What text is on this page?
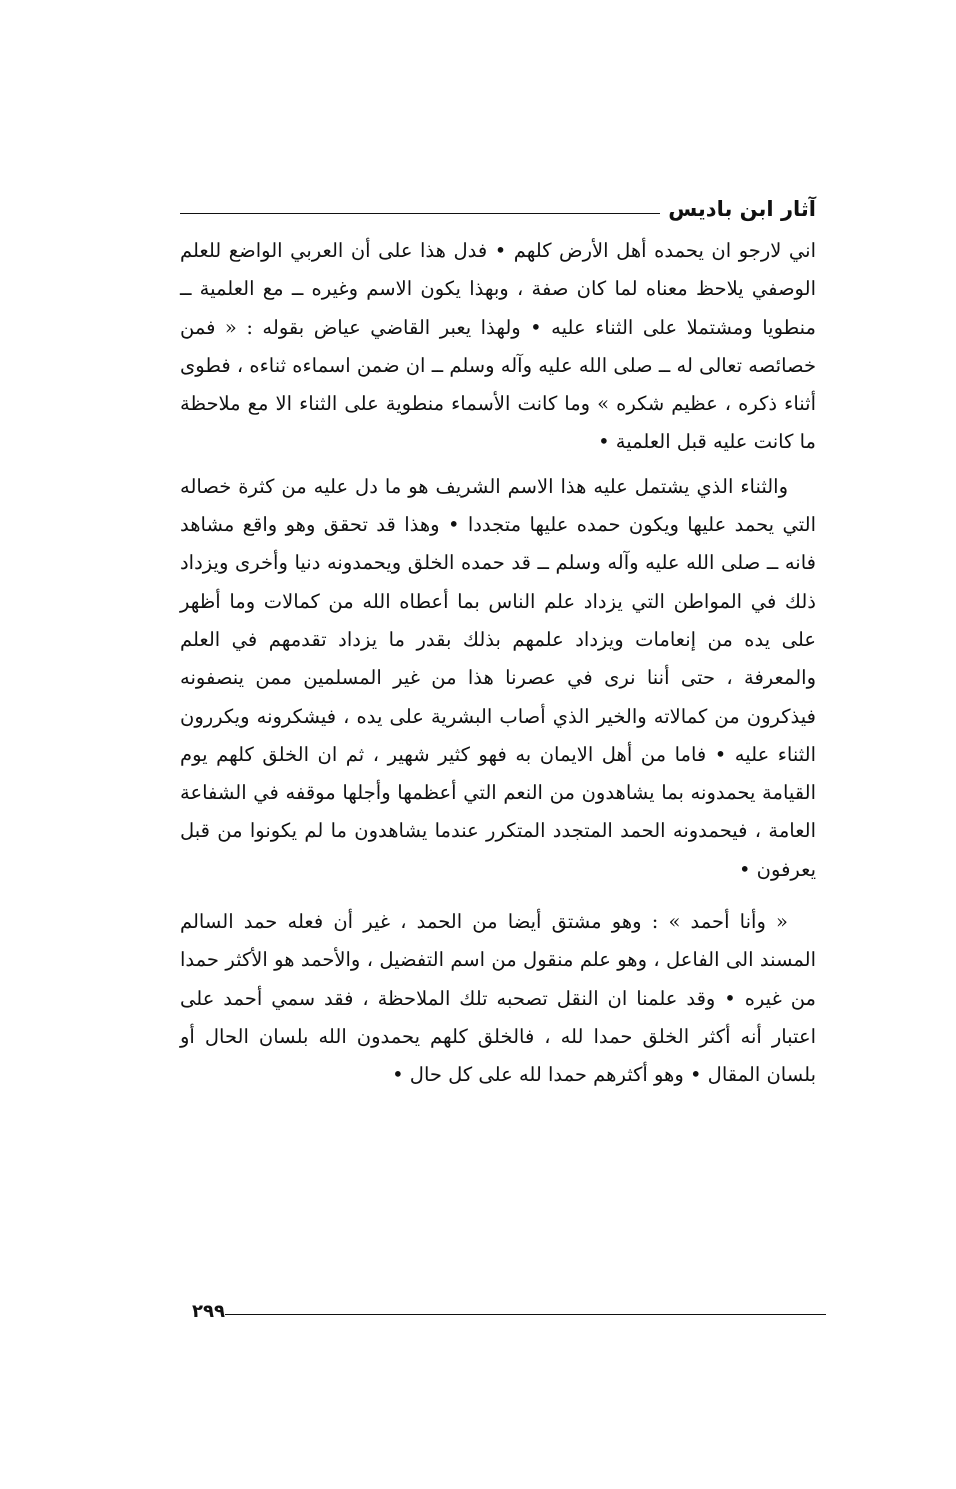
آثار ابن باديس

اني لارجو ان يحمده أهل الأرض كلهم • فدل هذا على أن العربي الواضع للعلم الوصفي يلاحظ معناه لما كان صفة ، وبهذا يكون الاسم وغيره ــ مع العلمية ــ منطويا ومشتملا على الثناء عليه • ولهذا يعبر القاضي عياض بقوله : « فمن خصائصه تعالى له ــ صلى الله عليه وآله وسلم ــ ان ضمن اسماءه ثناءه ، فطوى أثناء ذكره ، عظيم شكره » وما كانت الأسماء منطوية على الثناء الا مع ملاحظة ما كانت عليه قبل العلمية •

والثناء الذي يشتمل عليه هذا الاسم الشريف هو ما دل عليه من كثرة خصاله التي يحمد عليها ويكون حمده عليها متجددا • وهذا قد تحقق وهو واقع مشاهد فانه ــ صلى الله عليه وآله وسلم ــ قد حمده الخلق ويحمدونه دنيا وأخرى ويزداد ذلك في المواطن التي يزداد علم الناس بما أعطاه الله من كمالات وما أظهر على يده من إنعامات ويزداد علمهم بذلك بقدر ما يزداد تقدمهم في العلم والمعرفة ، حتى أننا نرى في عصرنا هذا من غير المسلمين ممن ينصفونه فيذكرون من كمالاته والخير الذي أصاب البشرية على يده ، فيشكرونه ويكررون الثناء عليه • فاما من أهل الايمان به فهو كثير شهير ، ثم ان الخلق كلهم يوم القيامة يحمدونه بما يشاهدون من النعم التي أعظمها وأجلها موقفه في الشفاعة العامة ، فيحمدونه الحمد المتجدد المتكرر عندما يشاهدون ما لم يكونوا من قبل يعرفون •

« وأنا أحمد » : وهو مشتق أيضا من الحمد ، غير أن فعله حمد السالم المسند الى الفاعل ، وهو علم منقول من اسم التفضيل ، والأحمد هو الأكثر حمدا من غيره • وقد علمنا ان النقل تصحبه تلك الملاحظة ، فقد سمي أحمد على اعتبار أنه أكثر الخلق حمدا لله ، فالخلق كلهم يحمدون الله بلسان الحال أو بلسان المقال • وهو أكثرهم حمدا لله على كل حال •

٢٩٩
